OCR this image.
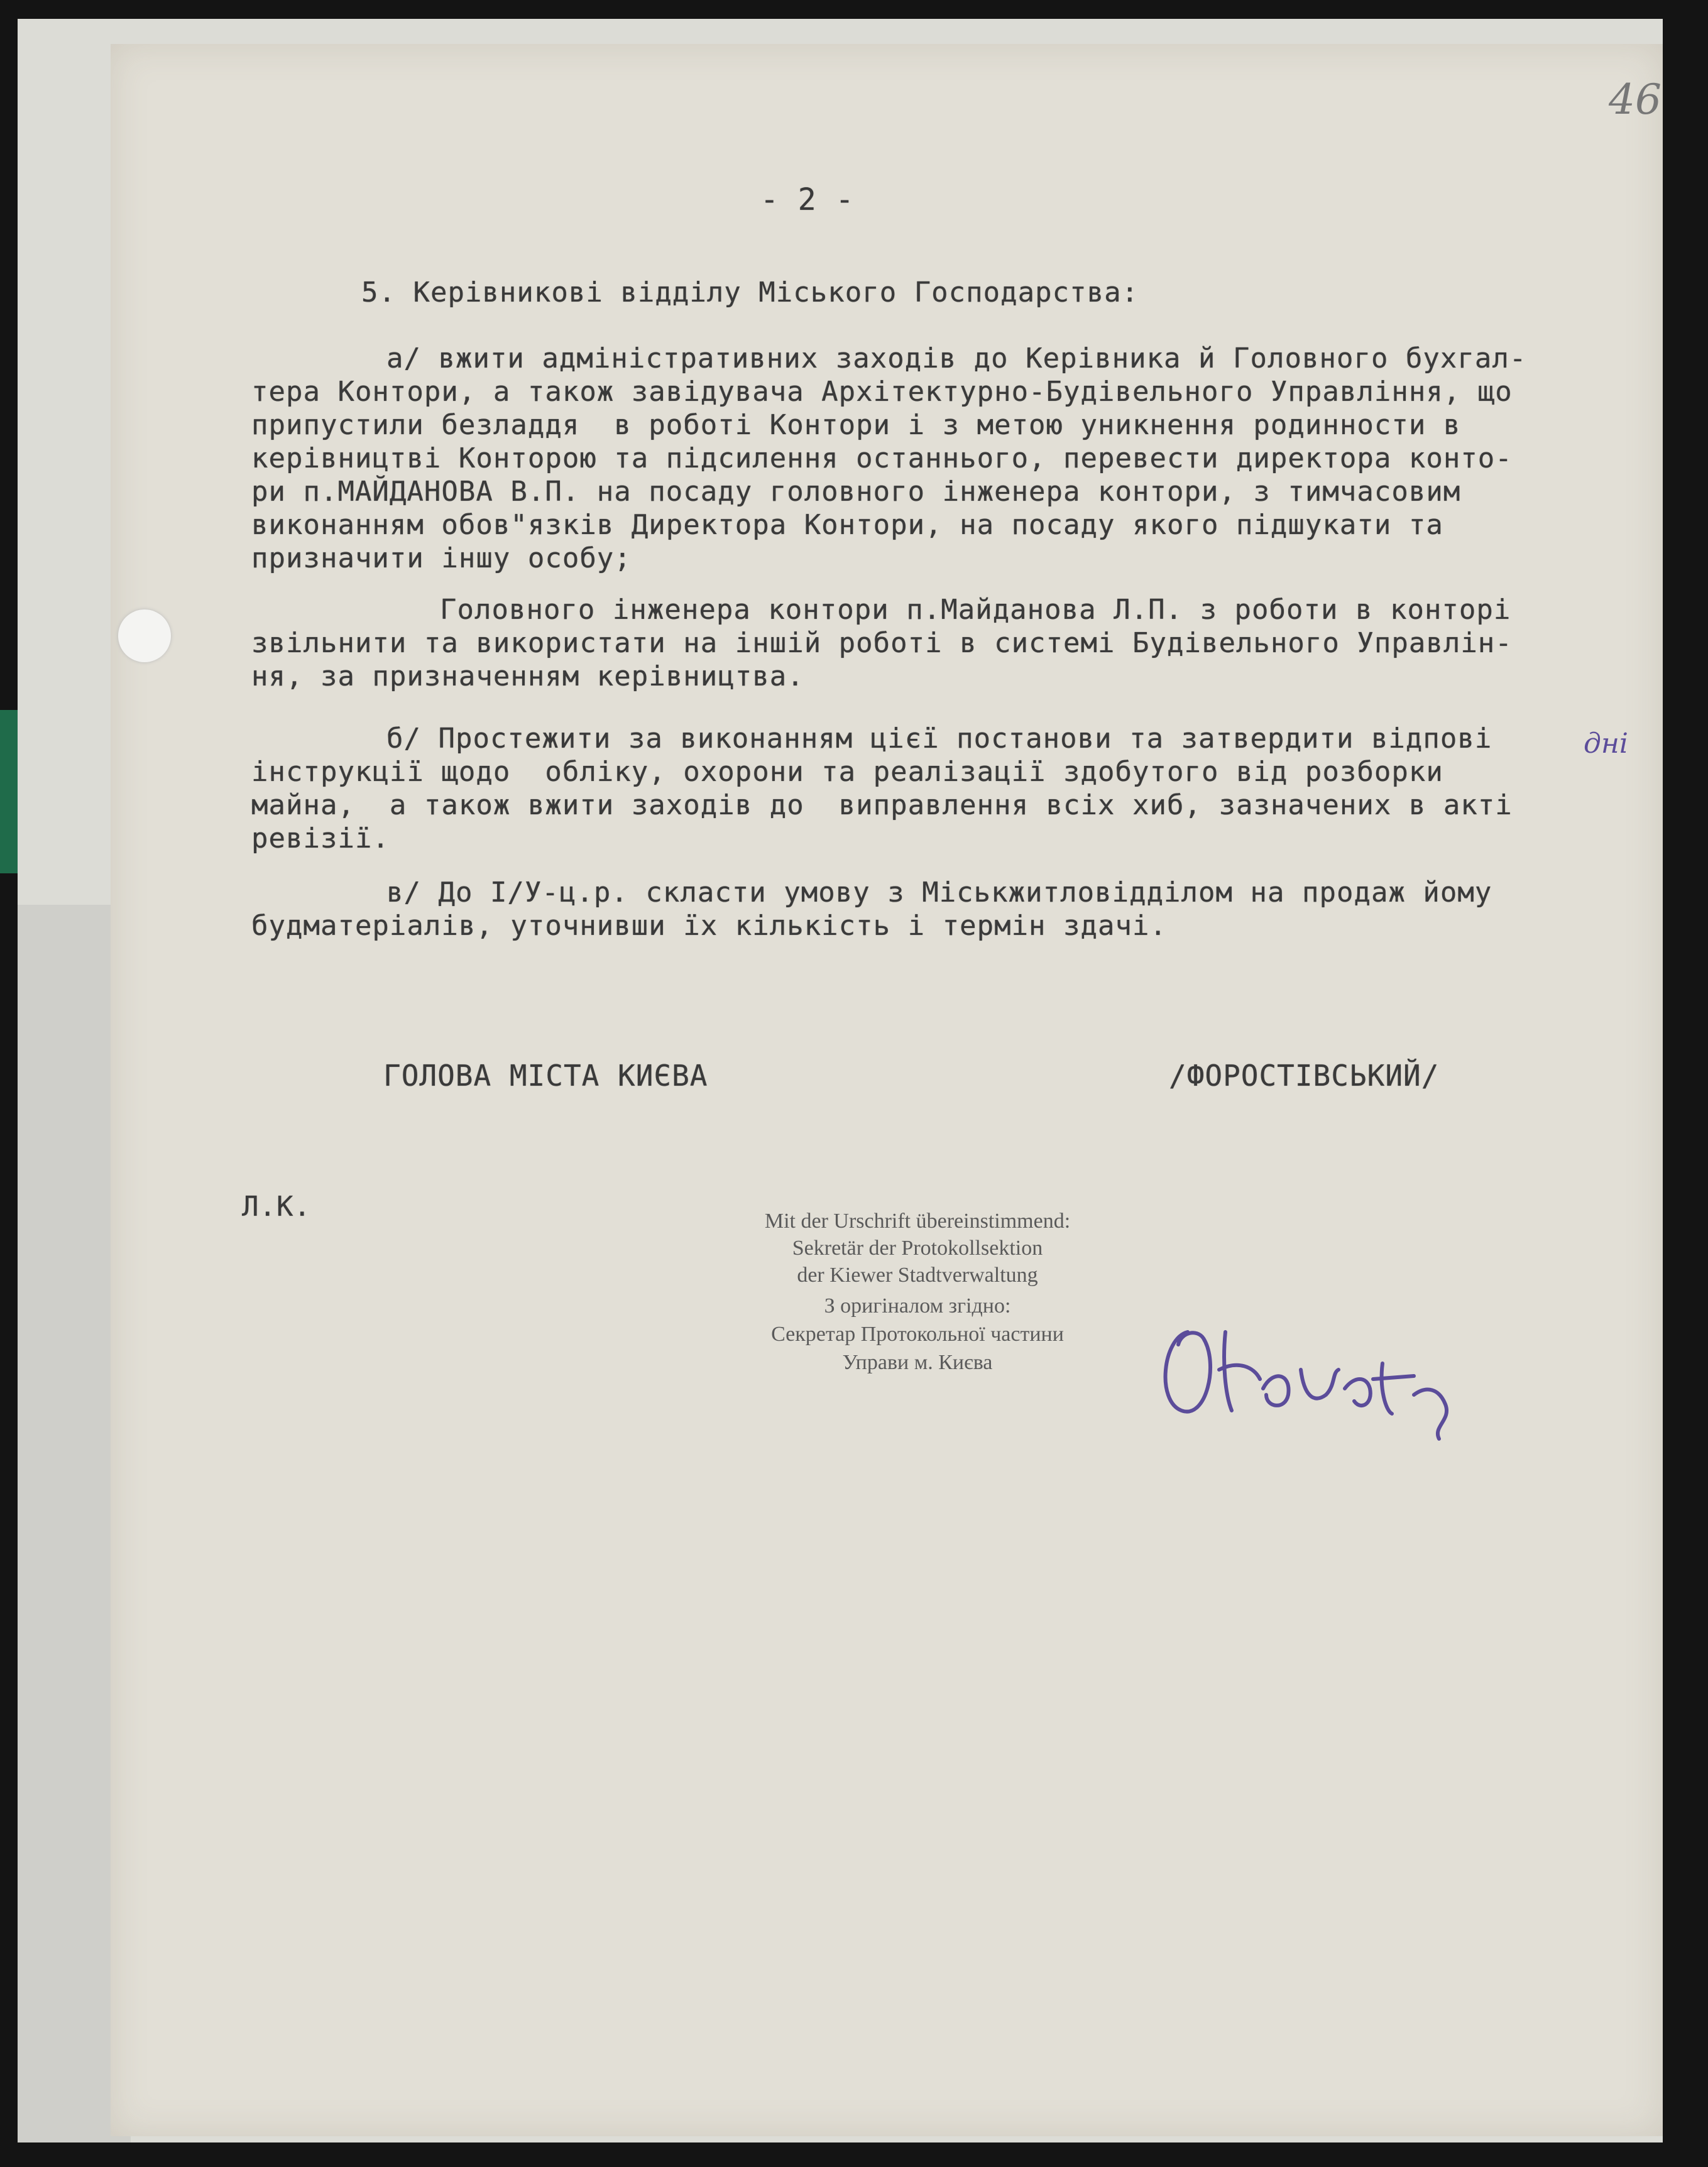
46
- 2 -
5. Керівникові відділу Міського Господарства:
а/ вжити адміністративних заходів до Керівника й Головного бухгал-
тера Контори, а також завідувача Архітектурно-Будівельного Управління, що
припустили безладдя  в роботі Контори і з метою уникнення родинности в
керівництві Конторою та підсилення останнього, перевести директора конто-
ри п.МАЙДАНОВА В.П. на посаду головного інженера контори, з тимчасовим
виконанням обов"язків Директора Контори, на посаду якого підшукати та
призначити іншу особу;
Головного інженера контори п.Майданова Л.П. з роботи в конторі
звільнити та використати на іншій роботі в системі Будівельного Управлін-
ня, за призначенням керівництва.
б/ Простежити за виконанням цієї постанови та затвердити відпові	дні
інструкції щодо  обліку, охорони та реалізації здобутого від розборки
майна,  а також вжити заходів до  виправлення всіх хиб, зазначених в акті
ревізії.
в/ До I/У-ц.р. скласти умову з Міськжитловідділом на продаж йому
будматеріалів, уточнивши їх кількість і термін здачі.
ГОЛОВА МІСТА КИЄВА	/ФОРОСТІВСЬКИЙ/
Л.К.	Mit der Urschrift übereinstimmend:
Sekretär der Protokollsektion
der Kiewer Stadtverwaltung
З оригіналом згідно:
Секретар Протокольної частини
Управи м. Києва
